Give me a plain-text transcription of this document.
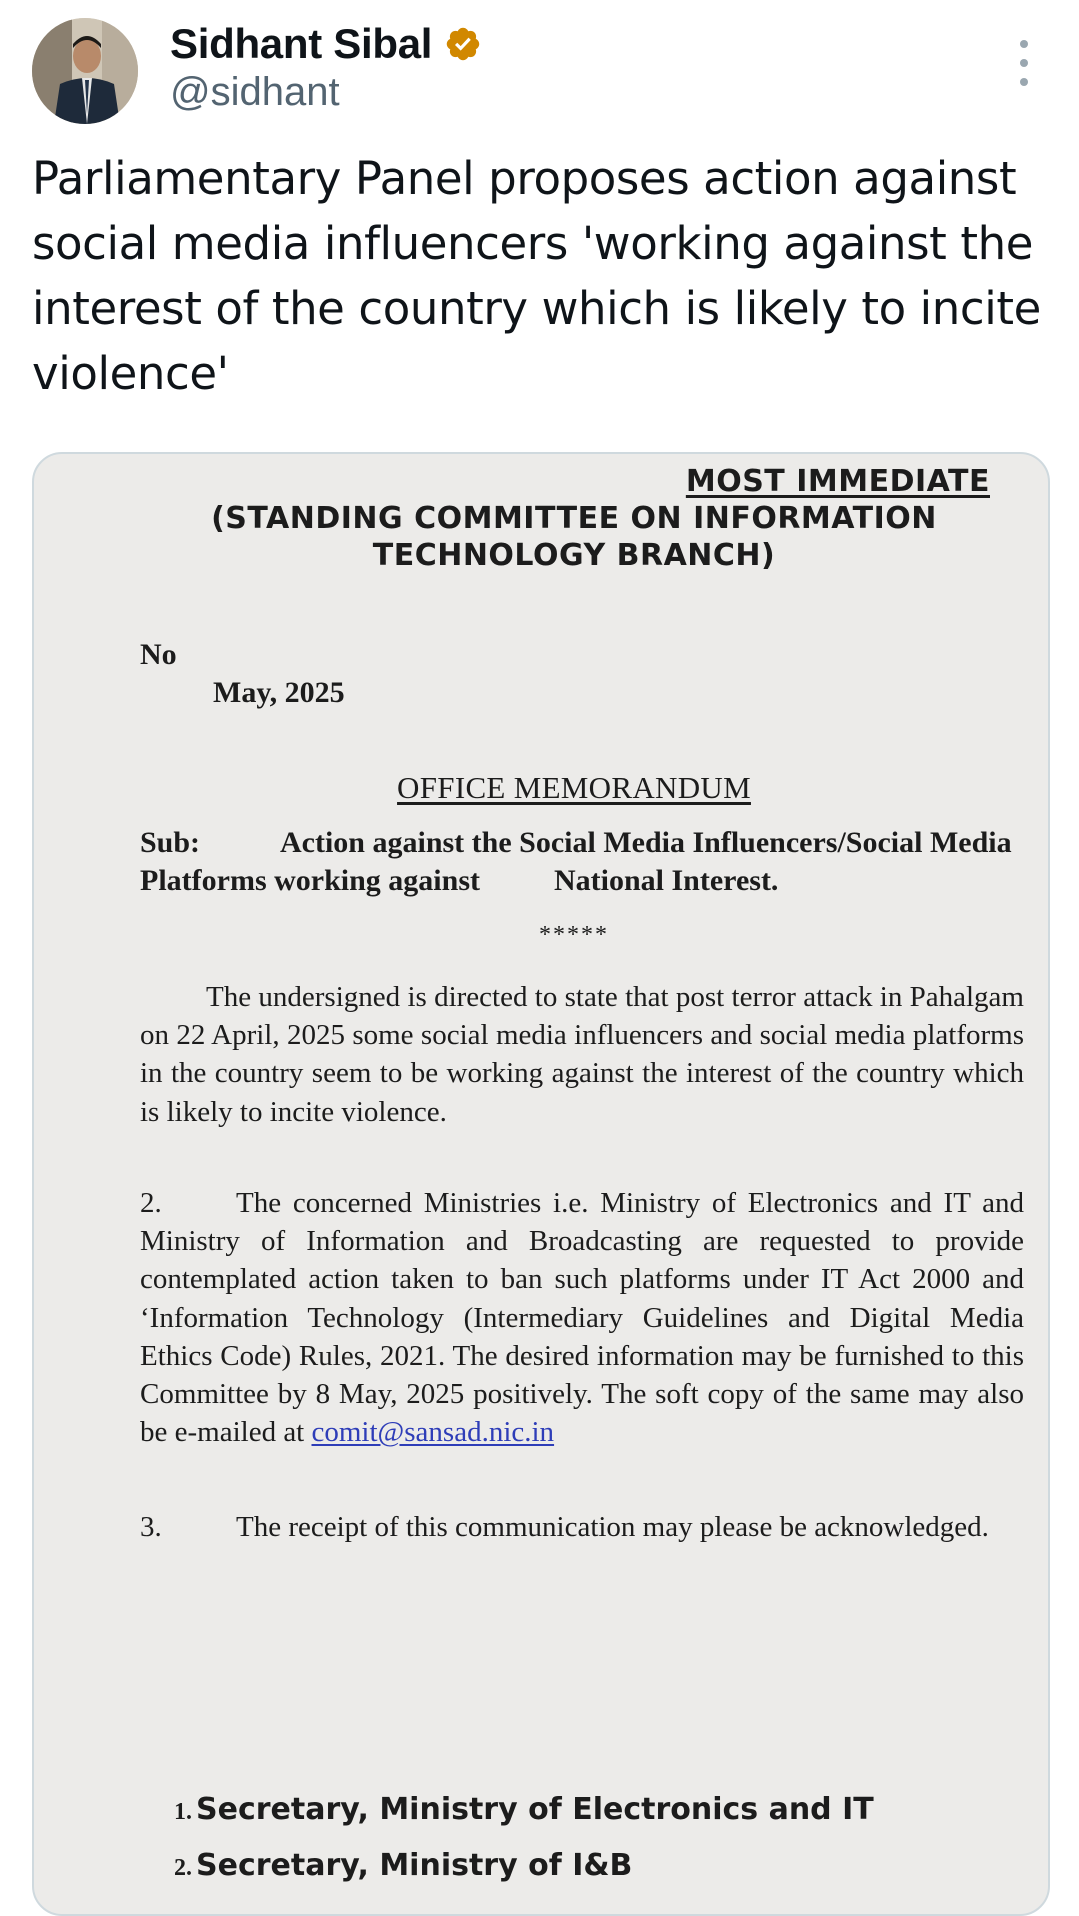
Sidhant Sibal
@sidhant

Parliamentary Panel proposes action against social media influencers 'working against the interest of the country which is likely to incite violence'

MOST IMMEDIATE
(STANDING COMMITTEE ON INFORMATION
TECHNOLOGY BRANCH)
No
May, 2025
OFFICE MEMORANDUM
Sub:	Action against the Social Media Influencers/Social Media Platforms working against National Interest.
*****

The undersigned is directed to state that post terror attack in Pahalgam on 22 April, 2025 some social media influencers and social media platforms in the country seem to be working against the interest of the country which is likely to incite violence.

2.	The concerned Ministries i.e. Ministry of Electronics and IT and Ministry of Information and Broadcasting are requested to provide contemplated action taken to ban such platforms under IT Act 2000 and ‘Information Technology (Intermediary Guidelines and Digital Media Ethics Code) Rules, 2021. The desired information may be furnished to this Committee by 8 May, 2025 positively. The soft copy of the same may also be e-mailed at comit@sansad.nic.in

3.	The receipt of this communication may please be acknowledged.

1. Secretary, Ministry of Electronics and IT
2. Secretary, Ministry of I&B
